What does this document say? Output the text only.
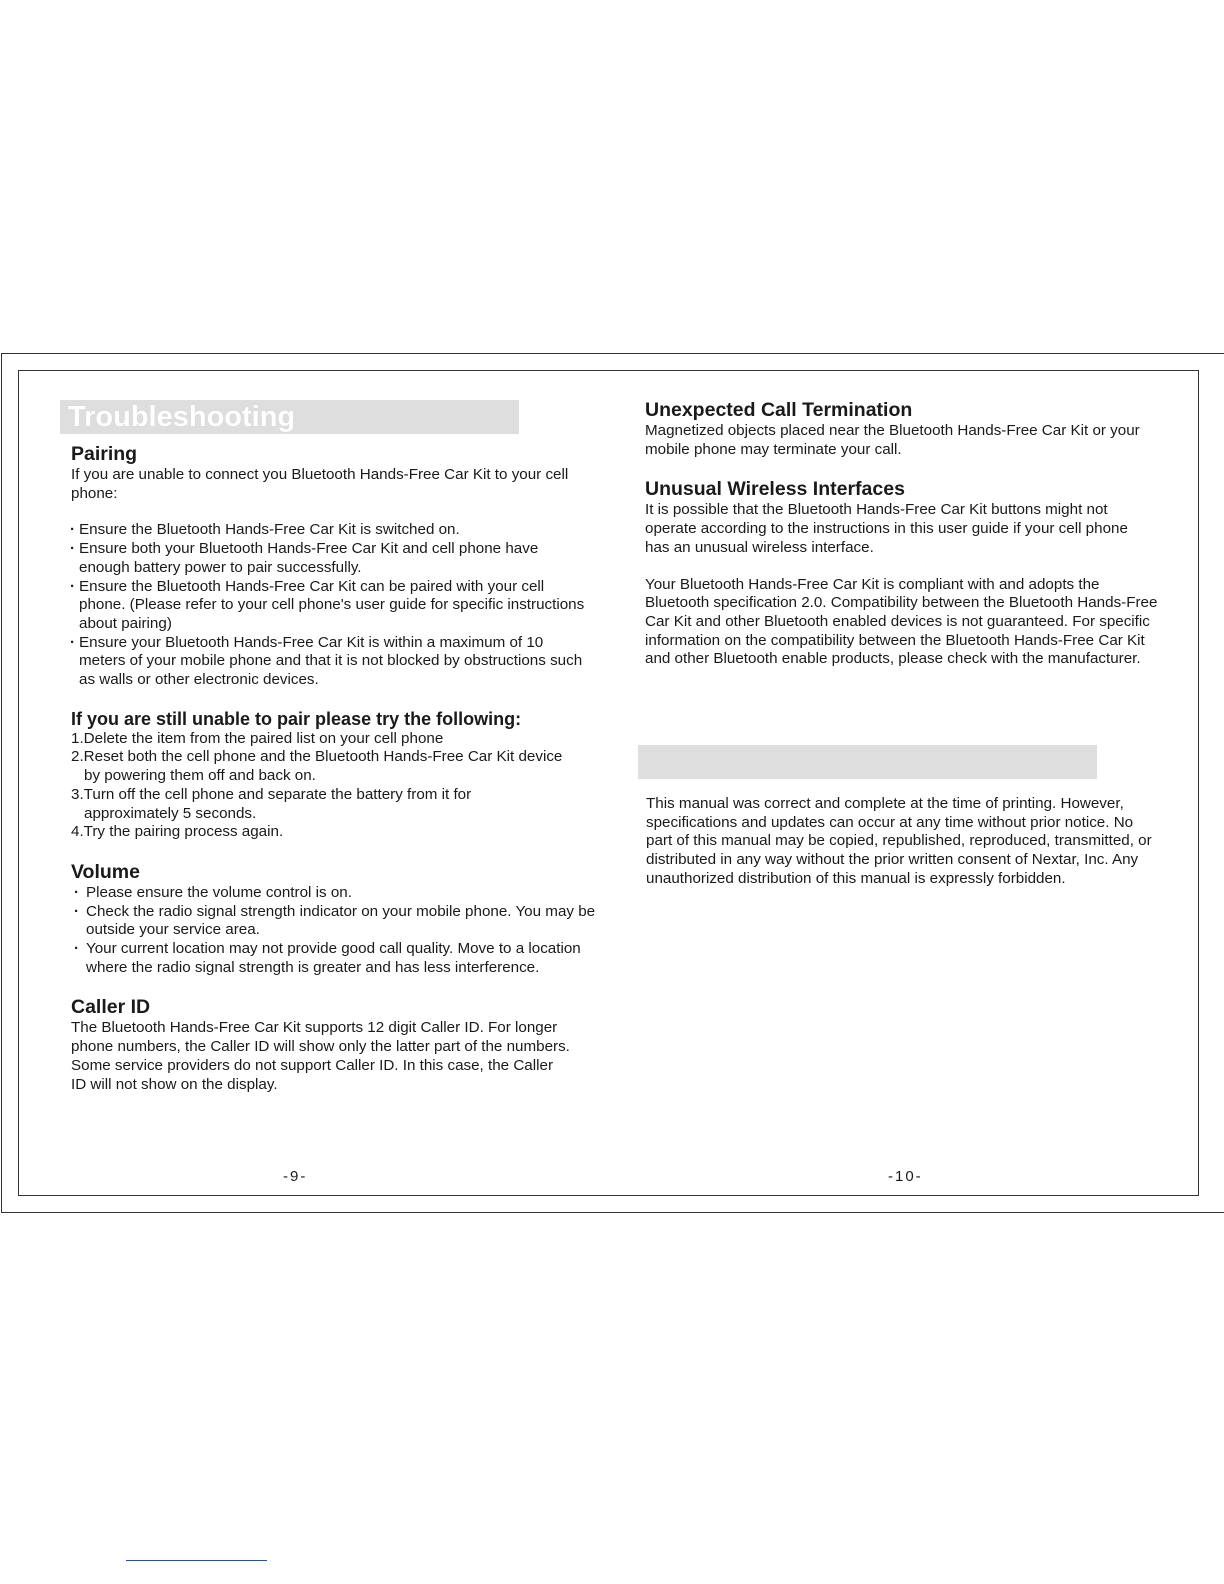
Troubleshooting
Pairing

If you are unable to connect you Bluetooth Hands-Free Car Kit to your cell phone:

· Ensure the Bluetooth Hands-Free Car Kit is switched on.
· Ensure both your Bluetooth Hands-Free Car Kit and cell phone have enough battery power to pair successfully.
· Ensure the Bluetooth Hands-Free Car Kit can be paired with your cell phone. (Please refer to your cell phone's user guide for specific instructions about pairing)
· Ensure your Bluetooth Hands-Free Car Kit is within a maximum of 10 meters of your mobile phone and that it is not blocked by obstructions such as walls or other electronic devices.
If you are still unable to pair please try the following:
1.Delete the item from the paired list on your cell phone
2.Reset both the cell phone and the Bluetooth Hands-Free Car Kit device by powering them off and back on.
3.Turn off the cell phone and separate the battery from it for approximately 5 seconds.
4.Try the pairing process again.
Volume
· Please ensure the volume control is on.
· Check the radio signal strength indicator on your mobile phone. You may be outside your service area.
· Your current location may not provide good call quality. Move to a location where the radio signal strength is greater and has less interference.
Caller ID

The Bluetooth Hands-Free Car Kit supports 12 digit Caller ID. For longer phone numbers, the Caller ID will show only the latter part of the numbers.

Some service providers do not support Caller ID. In this case, the Caller ID will not show on the display.

-9-
Unexpected Call Termination

Magnetized objects placed near the Bluetooth Hands-Free Car Kit or your mobile phone may terminate your call.

Unusual Wireless Interfaces

It is possible that the Bluetooth Hands-Free Car Kit buttons might not operate according to the instructions in this user guide if your cell phone has an unusual wireless interface.

Your Bluetooth Hands-Free Car Kit is compliant with and adopts the Bluetooth specification 2.0. Compatibility between the Bluetooth Hands-Free Car Kit and other Bluetooth enabled devices is not guaranteed. For specific information on the compatibility between the Bluetooth Hands-Free Car Kit and other Bluetooth enable products, please check with the manufacturer.

This manual was correct and complete at the time of printing. However, specifications and updates can occur at any time without prior notice. No part of this manual may be copied, republished, reproduced, transmitted, or distributed in any way without the prior written consent of Nextar, Inc. Any unauthorized distribution of this manual is expressly forbidden.

-10-
